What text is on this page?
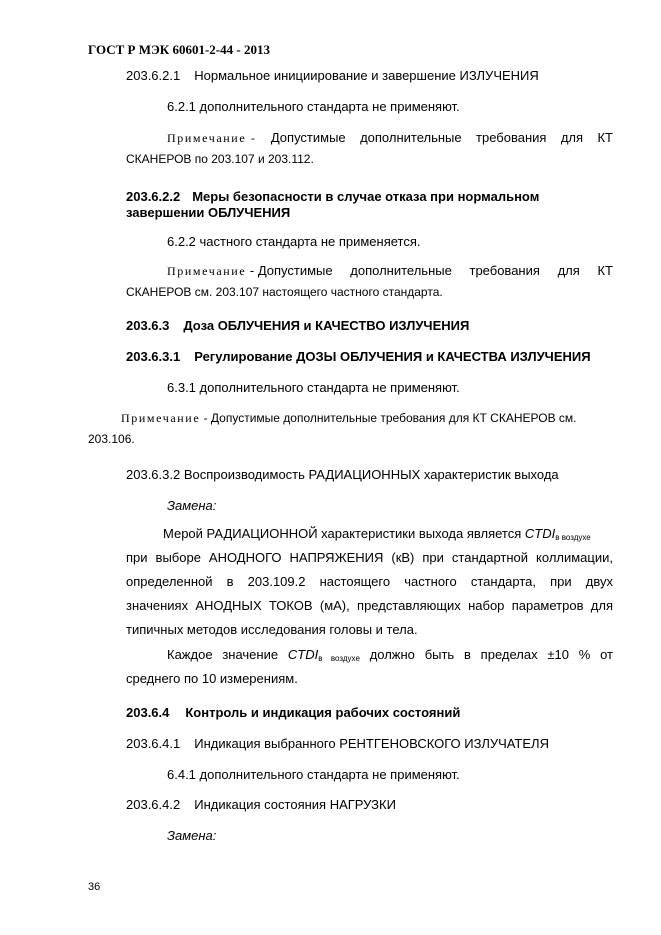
ГОСТ Р МЭК 60601-2-44 - 2013
203.6.2.1 Нормальное инициирование и завершение ИЗЛУЧЕНИЯ
6.2.1 дополнительного стандарта не применяют.
Примечание - Допустимые дополнительные требования для КТ
СКАНЕРОВ по 203.107 и 203.112.
203.6.2.2 Меры безопасности в случае отказа при нормальном
завершении ОБЛУЧЕНИЯ
6.2.2 частного стандарта не применяется.
Примечание - Допустимые дополнительные требования для КТ
СКАНЕРОВ см. 203.107 настоящего частного стандарта.
203.6.3 Доза ОБЛУЧЕНИЯ и КАЧЕСТВО ИЗЛУЧЕНИЯ
203.6.3.1 Регулирование ДОЗЫ ОБЛУЧЕНИЯ и КАЧЕСТВА ИЗЛУЧЕНИЯ
6.3.1 дополнительного стандарта не применяют.
Примечание - Допустимые дополнительные требования для КТ СКАНЕРОВ см.
203.106.
203.6.3.2 Воспроизводимость РАДИАЦИОННЫХ характеристик выхода
Замена:
Мерой РАДИАЦИОННОЙ характеристики выхода является $CTDI_{в воздухе}$
при выборе АНОДНОГО НАПРЯЖЕНИЯ (кВ) при стандартной коллимации,
определенной в 203.109.2 настоящего частного стандарта, при двух
значениях АНОДНЫХ ТОКОВ (мА), представляющих набор параметров для
типичных методов исследования головы и тела.
Каждое значение $CTDI_{в воздухе}$ должно быть в пределах ±10 % от
среднего по 10 измерениям.
203.6.4 Контроль и индикация рабочих состояний
203.6.4.1 Индикация выбранного РЕНТГЕНОВСКОГО ИЗЛУЧАТЕЛЯ
6.4.1 дополнительного стандарта не применяют.
203.6.4.2 Индикация состояния НАГРУЗКИ
Замена:
36
